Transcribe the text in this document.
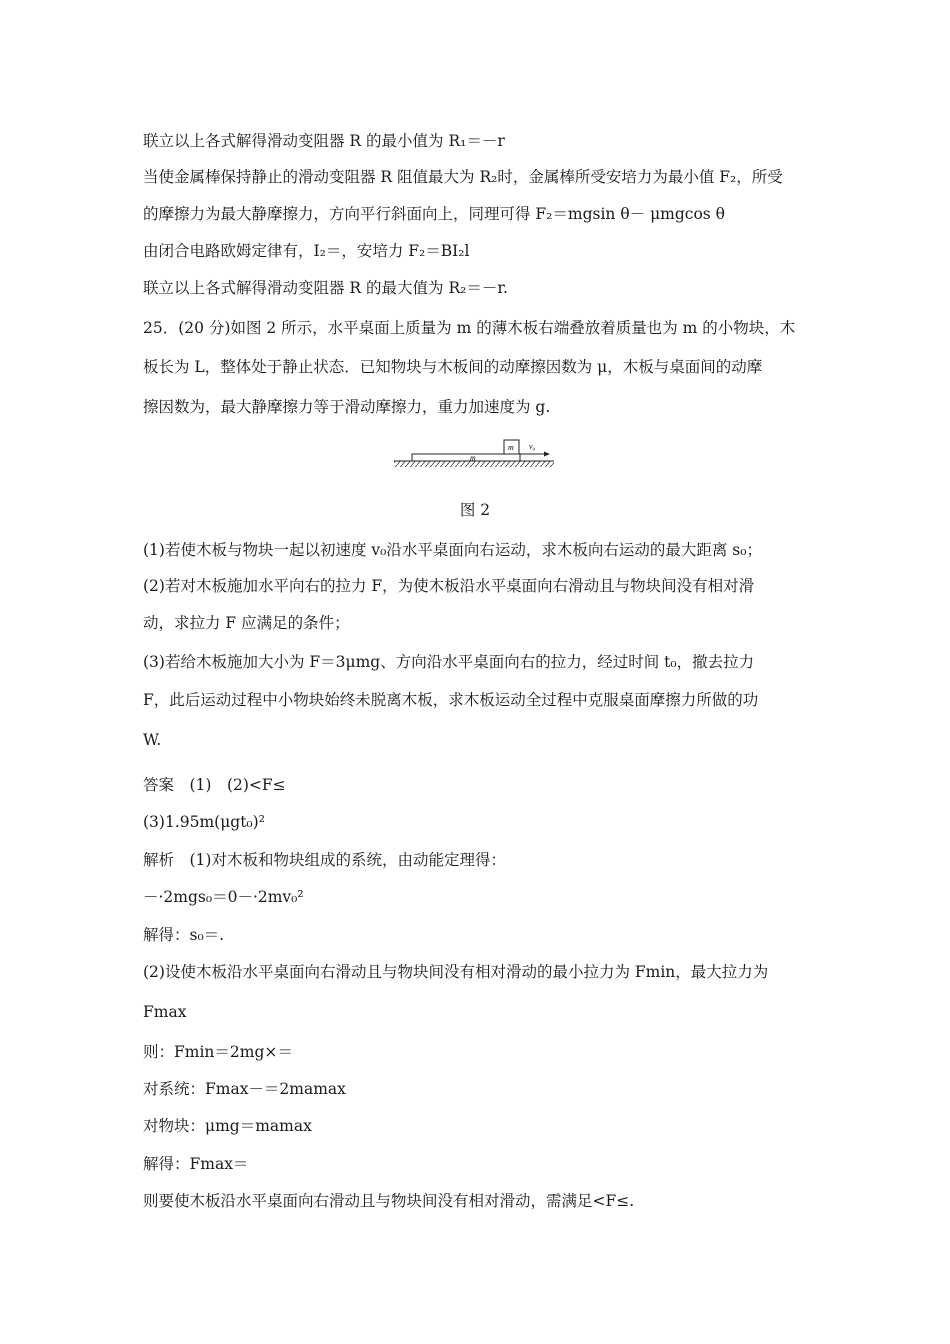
联立以上各式解得滑动变阻器 R 的最小值为 R₁＝－r
当使金属棒保持静止的滑动变阻器 R 阻值最大为 R₂时，金属棒所受安培力为最小值 F₂，所受
的摩擦力为最大静摩擦力，方向平行斜面向上，同理可得 F₂＝mgsin θ－ μmgcos θ
由闭合电路欧姆定律有，I₂＝，安培力 F₂＝BI₂l
联立以上各式解得滑动变阻器 R 的最大值为 R₂＝－r.
25．(20 分)如图 2 所示，水平桌面上质量为 m 的薄木板右端叠放着质量也为 m 的小物块，木
板长为 L，整体处于静止状态．已知物块与木板间的动摩擦因数为 μ，木板与桌面间的动摩
擦因数为，最大静摩擦力等于滑动摩擦力，重力加速度为 g.
m
m v₀
图 2
(1)若使木板与物块一起以初速度 v₀沿水平桌面向右运动，求木板向右运动的最大距离 s₀；
(2)若对木板施加水平向右的拉力 F，为使木板沿水平桌面向右滑动且与物块间没有相对滑
动，求拉力 F 应满足的条件；
(3)若给木板施加大小为 F＝3μmg、方向沿水平桌面向右的拉力，经过时间 t₀，撤去拉力
F，此后运动过程中小物块始终未脱离木板，求木板运动全过程中克服桌面摩擦力所做的功
W.
答案　(1)　(2)<F≤
(3)1.95m(μgt₀)²
解析　(1)对木板和物块组成的系统，由动能定理得：
－·2mgs₀＝0－·2mv₀²
解得：s₀＝.
(2)设使木板沿水平桌面向右滑动且与物块间没有相对滑动的最小拉力为 Fmin，最大拉力为
Fmax
则：Fmin＝2mg×＝
对系统：Fmax－＝2mamax
对物块：μmg＝mamax
解得：Fmax＝
则要使木板沿水平桌面向右滑动且与物块间没有相对滑动，需满足<F≤.
